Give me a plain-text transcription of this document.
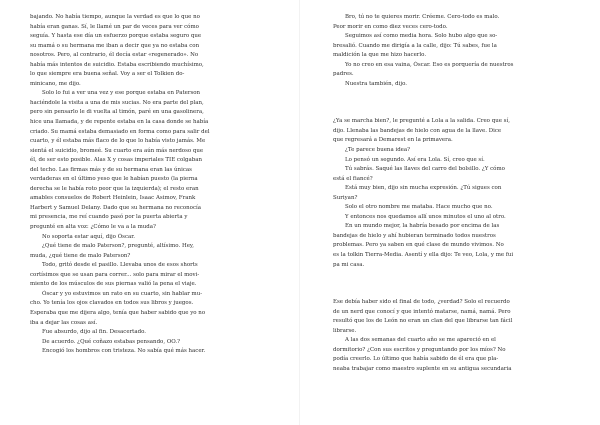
bajando. No había tiempo, aunque la verdad es que lo que no
había eran ganas. Sí, le llamé un par de veces para ver cómo
seguía. Y hasta ese día un esfuerzo porque estaba seguro que
su mamá o su hermana me iban a decir que ya no estaba con
nosotros. Pero, al contrario, él decía estar «regenerado». No
había más intentos de suicidio. Estaba escribiendo muchísimo,
lo que siempre era buena señal. Voy a ser el Tolkien do-
minicano, me dijo.
Solo lo fui a ver una vez y ese porque estaba en Paterson
haciéndole la visita a una de mis sucias. No era parte del plan,
pero sin pensarlo le di vuelta al timón, paré en una gasolinera,
hice una llamada, y de repente estaba en la casa donde se había
criado. Su mamá estaba demasiado en forma como para salir del
cuarto, y él estaba más flaco de lo que lo había visto jamás. Me
sientá el suicidio, bromeé. Su cuarto era aún más nerdoso que
él, de ser esto posible. Alas X y cosas imperiales TIE colgaban
del techo. Las firmas más y de su hermana eran las únicas
verdaderas en el último yeso que le habían puesto (la pierna
derecha se le había roto peor que la izquierda); el resto eran
amables consuelos de Robert Heinlein, Isaac Asimov, Frank
Harbert y Samuel Delany. Dado que su hermana no reconocía
mi presencia, me reí cuando pasó por la puerta abierta y
pregunté en alta voz: ¿Cómo le va a la muda?
No soporta estar aquí, dijo Óscar.
¿Qué tiene de malo Paterson?, pregunté, altísimo. Hey,
muda, ¿qué tiene de malo Paterson?
Todo, gritó desde el pasillo. Llevaba unos de esos shorts
cortísimos que se usan para correr... solo para mirar el movi-
miento de los músculos de sus piernas valió la pena el viaje.
Óscar y yo estuvimos un rato en su cuarto, sin hablar mu-
cho. Yo tenía los ojos clavados en todos sus libros y juegos.
Esperaba que me dijera algo, tenía que haber sabido que yo no
iba a dejar las cosas así.
Fue absurdo, dijo al fin. Desacertado.
De acuerdo. ¿Qué coñazo estabas pensando, OO.?
Encogió los hombros con tristeza. No sabía qué más hacer.
Bro, tú no te quieres morir. Créeme. Cero-todo es malo.
Peor morir en como diez veces cero-todo.
Seguimos así como media hora. Solo hubo algo que so-
bresalió. Cuando me dirigía a la calle, dijo: Tú sabes, fue la
maldición la que me hizo hacerlo.
Yo no creo en esa vaina, Óscar. Eso es porquería de nuestros
padres.
Nuestra también, dijo.
¿Ya se marcha bien?, le pregunté a Lola a la salida. Creo que sí,
dijo. Llenaba las bandejas de hielo con agua de la llave. Dice
que regresará a Demarest en la primavera.
¿Te parece buena idea?
Lo pensó un segundo. Así era Lola. Sí, creo que sí.
Tú sabrás. Saqué las llaves del carro del bolsillo. ¿Y cómo
está el fiancé?
Está muy bien, dijo sin mucha expresión. ¿Tú sigues con
Suriyan?
Solo el otro nombre me mataba. Hace mucho que no.
Y entonces nos quedamos allí unos minutos el uno al otro.
En un mundo mejor, la habría besado por encima de las
bandejas de hielo y ahí hubieran terminado todos nuestros
problemas. Pero ya saben en qué clase de mundo vivimos. No
es la tolkin Tierra-Media. Asentí y ella dijo: Te veo, Lola, y me fui
pa mi casa.
Ese debía haber sido el final de todo, ¿verdad? Solo el recuerdo
de un nerd que conocí y que intentó matarse, namá, namá. Pero
resultó que los de León no eran un clan del que librarse tan fácil
librarse.
A las dos semanas del cuarto año se me apareció en el
dormitorio? ¿Con sus escritos y preguntando por los míos? No
podía creerlo. Lo último que había sabido de él era que pla-
neaba trabajar como maestro suplente en su antigua secundaria
